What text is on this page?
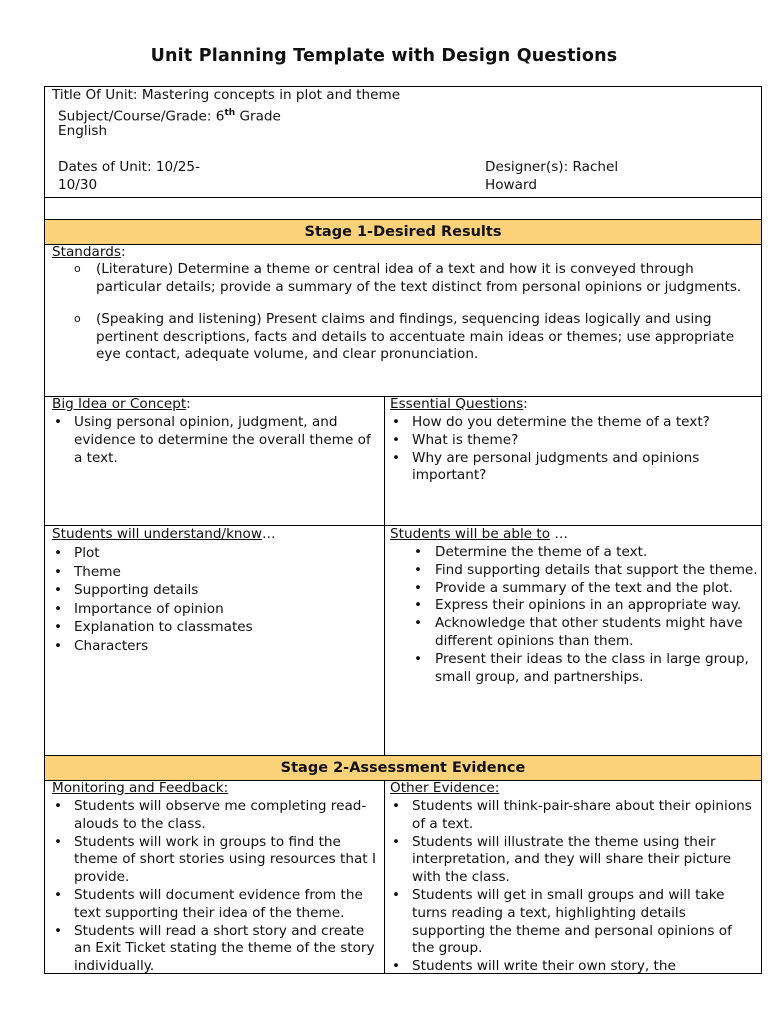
Unit Planning Template with Design Questions
Title Of Unit: Mastering concepts in plot and theme
Subject/Course/Grade: 6th Grade
English
Dates of Unit: 10/25-
10/30
Designer(s): Rachel
Howard
Stage 1-Desired Results
Standards:
o (Literature) Determine a theme or central idea of a text and how it is conveyed through particular details; provide a summary of the text distinct from personal opinions or judgments.
o (Speaking and listening) Present claims and findings, sequencing ideas logically and using pertinent descriptions, facts and details to accentuate main ideas or themes; use appropriate eye contact, adequate volume, and clear pronunciation.
Big Idea or Concept:
• Using personal opinion, judgment, and evidence to determine the overall theme of a text.
Essential Questions:
• How do you determine the theme of a text?
• What is theme?
• Why are personal judgments and opinions important?
Students will understand/know…
• Plot
• Theme
• Supporting details
• Importance of opinion
• Explanation to classmates
• Characters
Students will be able to …
• Determine the theme of a text.
• Find supporting details that support the theme.
• Provide a summary of the text and the plot.
• Express their opinions in an appropriate way.
• Acknowledge that other students might have different opinions than them.
• Present their ideas to the class in large group, small group, and partnerships.
Stage 2-Assessment Evidence
Monitoring and Feedback:
• Students will observe me completing read-alouds to the class.
• Students will work in groups to find the theme of short stories using resources that I provide.
• Students will document evidence from the text supporting their idea of the theme.
• Students will read a short story and create an Exit Ticket stating the theme of the story individually.
Other Evidence:
• Students will think-pair-share about their opinions of a text.
• Students will illustrate the theme using their interpretation, and they will share their picture with the class.
• Students will get in small groups and will take turns reading a text, highlighting details supporting the theme and personal opinions of the group.
• Students will write their own story, the
